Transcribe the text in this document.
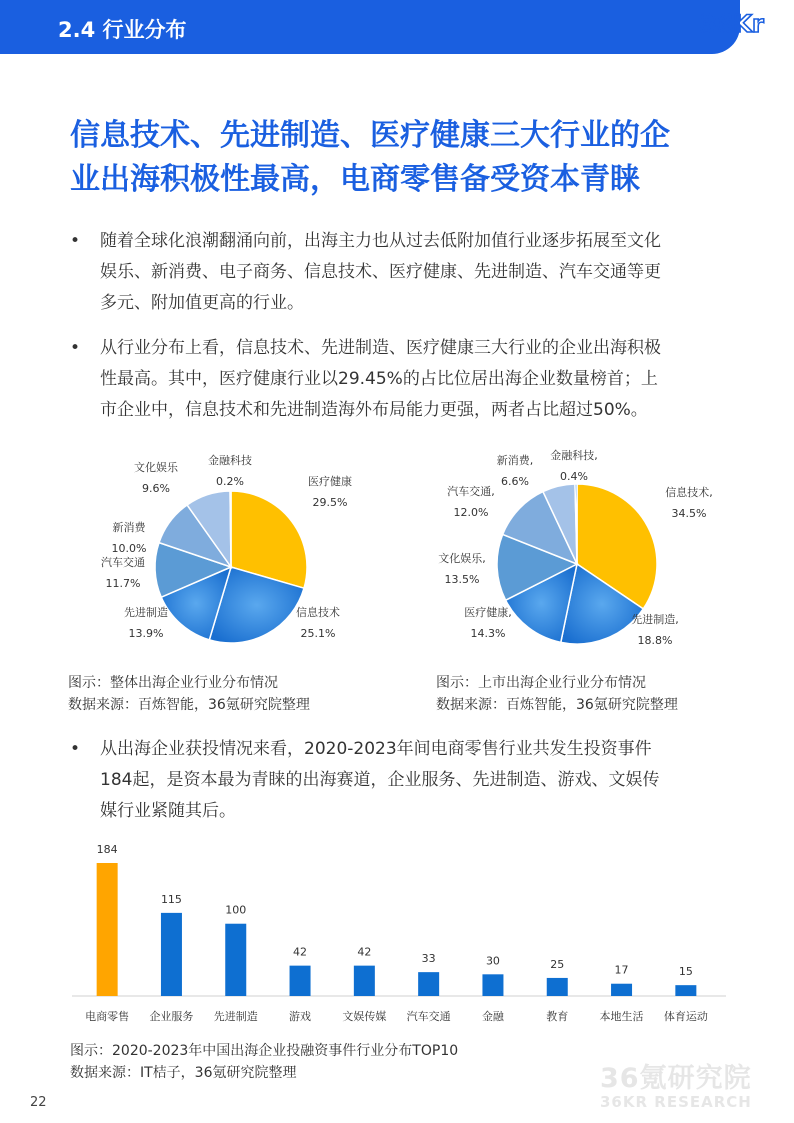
2.4 行业分布	36Kr
信息技术、先进制造、医疗健康三大行业的企
业出海积极性最高，电商零售备受资本青睐
• 随着全球化浪潮翻涌向前，出海主力也从过去低附加值行业逐步拓展至文化
娱乐、新消费、电子商务、信息技术、医疗健康、先进制造、汽车交通等更
多元、附加值更高的行业。
• 从行业分布上看，信息技术、先进制造、医疗健康三大行业的企业出海积极
性最高。其中，医疗健康行业以29.45%的占比位居出海企业数量榜首；上
市企业中，信息技术和先进制造海外布局能力更强，两者占比超过50%。
医疗健康
29.5%
信息技术
25.1%
先进制造
13.9%
汽车交通
11.7%
新消费
10.0%
文化娱乐
9.6%
金融科技
0.2%
图示：整体出海企业行业分布情况
数据来源：百炼智能，36氪研究院整理
信息技术,
34.5%
先进制造,
18.8%
医疗健康,
14.3%
文化娱乐,
13.5%
汽车交通,
12.0%
新消费,
6.6%
金融科技,
0.4%
图示：上市出海企业行业分布情况
数据来源：百炼智能，36氪研究院整理
• 从出海企业获投情况来看，2020-2023年间电商零售行业共发生投资事件
184起，是资本最为青睐的出海赛道，企业服务、先进制造、游戏、文娱传
媒行业紧随其后。
184
电商零售
115
企业服务
100
先进制造
42
游戏
42
文娱传媒
33
汽车交通
30
金融
25
教育
17
本地生活
15
体育运动
图示：2020-2023年中国出海企业投融资事件行业分布TOP10
数据来源：IT桔子，36氪研究院整理	36氪研究院
36KR RESEARCH
22
